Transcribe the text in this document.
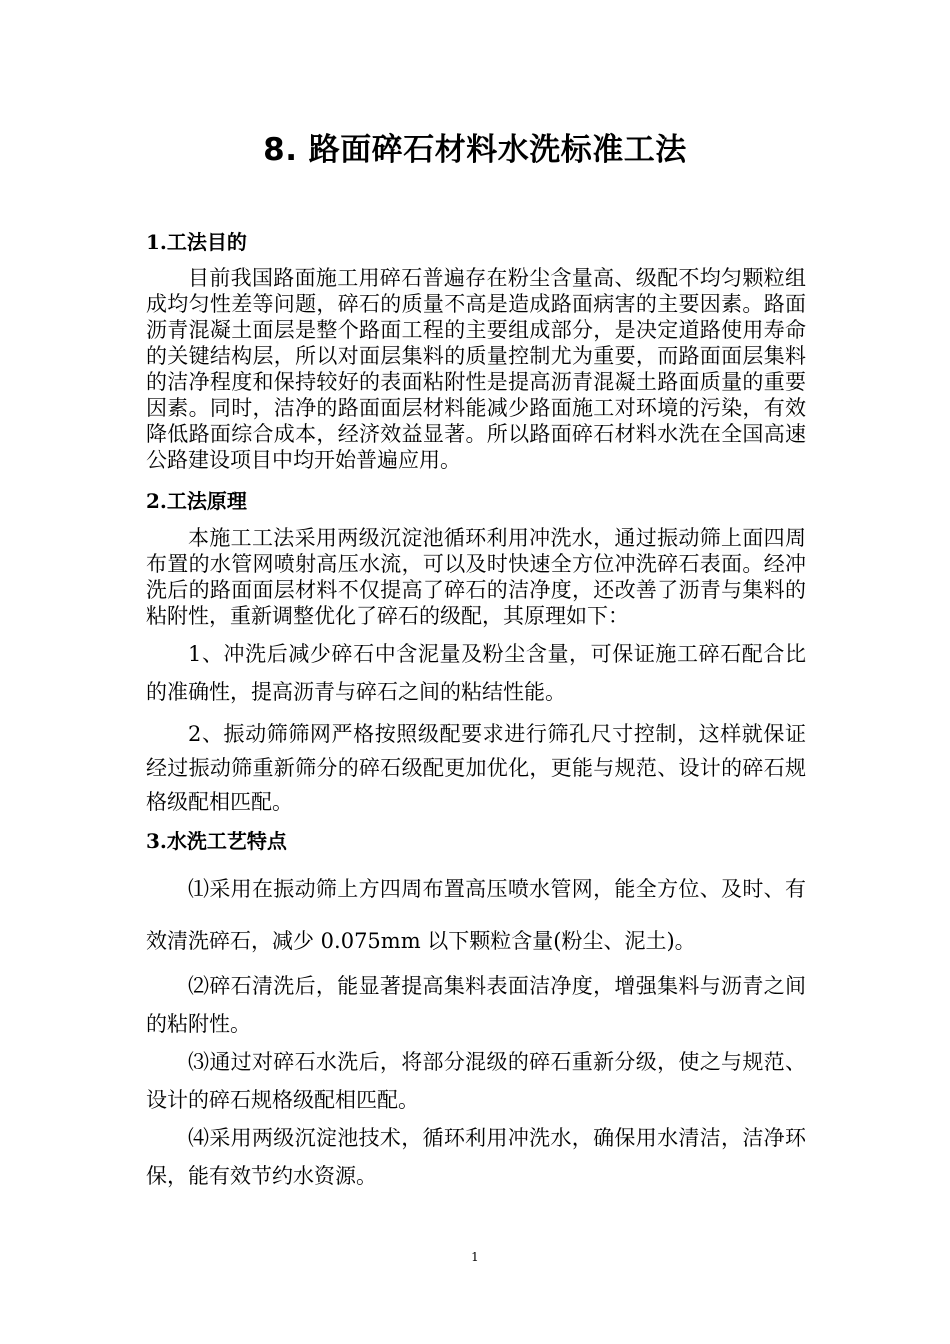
8. 路面碎石材料水洗标准工法

1.工法目的

目前我国路面施工用碎石普遍存在粉尘含量高、级配不均匀颗粒组成均匀性差等问题，碎石的质量不高是造成路面病害的主要因素。路面沥青混凝土面层是整个路面工程的主要组成部分，是决定道路使用寿命的关键结构层，所以对面层集料的质量控制尤为重要，而路面面层集料的洁净程度和保持较好的表面粘附性是提高沥青混凝土路面质量的重要因素。同时，洁净的路面面层材料能减少路面施工对环境的污染，有效降低路面综合成本，经济效益显著。所以路面碎石材料水洗在全国高速公路建设项目中均开始普遍应用。

2.工法原理

本施工工法采用两级沉淀池循环利用冲洗水，通过振动筛上面四周布置的水管网喷射高压水流，可以及时快速全方位冲洗碎石表面。经冲洗后的路面面层材料不仅提高了碎石的洁净度，还改善了沥青与集料的粘附性，重新调整优化了碎石的级配，其原理如下：

1、冲洗后减少碎石中含泥量及粉尘含量，可保证施工碎石配合比的准确性，提高沥青与碎石之间的粘结性能。

2、振动筛筛网严格按照级配要求进行筛孔尺寸控制，这样就保证经过振动筛重新筛分的碎石级配更加优化，更能与规范、设计的碎石规格级配相匹配。

3.水洗工艺特点

⑴采用在振动筛上方四周布置高压喷水管网，能全方位、及时、有效清洗碎石，减少 0.075mm 以下颗粒含量(粉尘、泥土)。

⑵碎石清洗后，能显著提高集料表面洁净度，增强集料与沥青之间的粘附性。

⑶通过对碎石水洗后，将部分混级的碎石重新分级，使之与规范、设计的碎石规格级配相匹配。

⑷采用两级沉淀池技术，循环利用冲洗水，确保用水清洁，洁净环保，能有效节约水资源。

1
